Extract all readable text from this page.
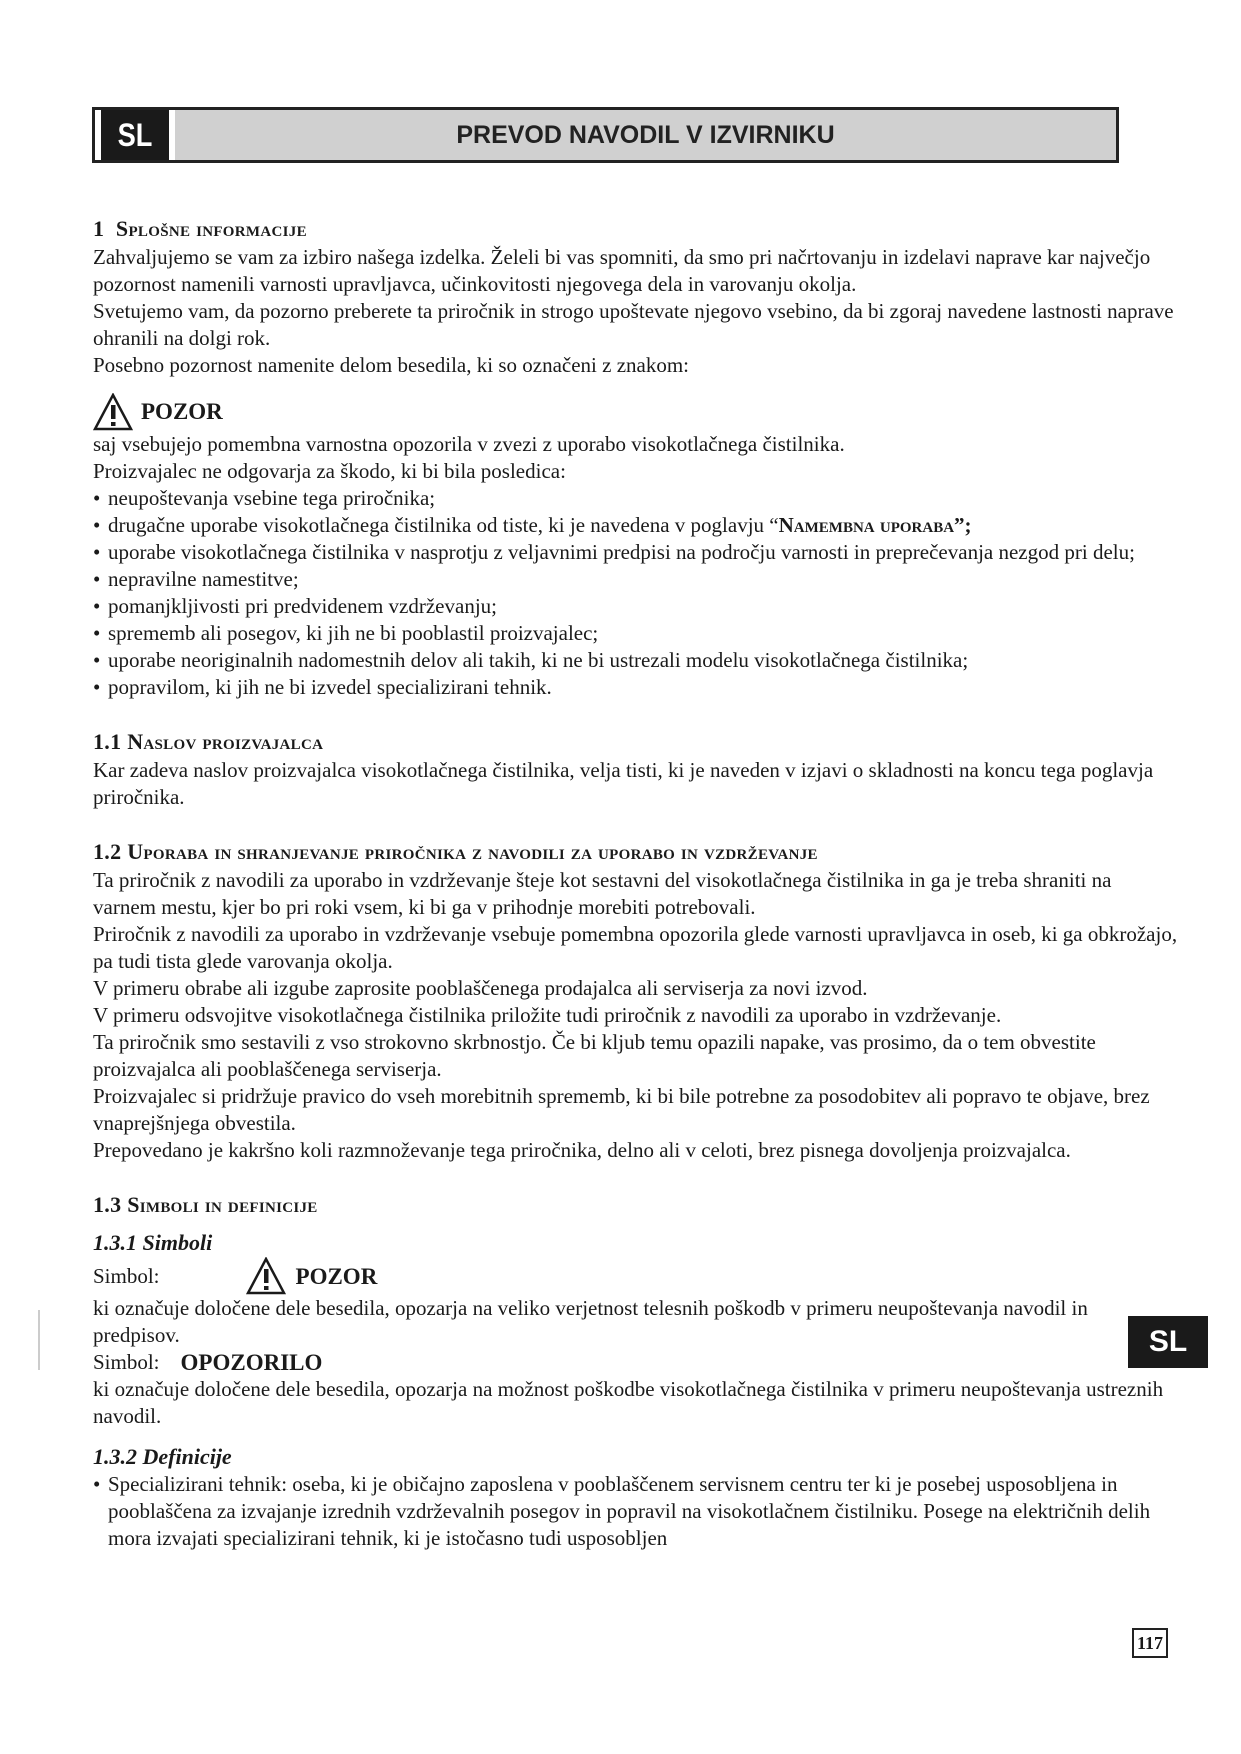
SL	PREVOD NAVODIL V IZVIRNIKU
1 Splošne informacije

Zahvaljujemo se vam za izbiro našega izdelka. Želeli bi vas spomniti, da smo pri načrtovanju in izdelavi naprave kar največjo pozornost namenili varnosti upravljavca, učinkovitosti njegovega dela in varovanju okolja.

Svetujemo vam, da pozorno preberete ta priročnik in strogo upoštevate njegovo vsebino, da bi zgoraj navedene lastnosti naprave ohranili na dolgi rok.

Posebno pozornost namenite delom besedila, ki so označeni z znakom:

POZOR

saj vsebujejo pomembna varnostna opozorila v zvezi z uporabo visokotlačnega čistilnika.

Proizvajalec ne odgovarja za škodo, ki bi bila posledica:

• neupoštevanja vsebine tega priročnika;
• drugačne uporabe visokotlačnega čistilnika od tiste, ki je navedena v poglavju “Namembna uporaba”;
• uporabe visokotlačnega čistilnika v nasprotju z veljavnimi predpisi na področju varnosti in preprečevanja nezgod pri delu;
• nepravilne namestitve;
• pomanjkljivosti pri predvidenem vzdrževanju;
• sprememb ali posegov, ki jih ne bi pooblastil proizvajalec;
• uporabe neoriginalnih nadomestnih delov ali takih, ki ne bi ustrezali modelu visokotlačnega čistilnika;
• popravilom, ki jih ne bi izvedel specializirani tehnik.
1.1 Naslov proizvajalca

Kar zadeva naslov proizvajalca visokotlačnega čistilnika, velja tisti, ki je naveden v izjavi o skladnosti na koncu tega poglavja priročnika.

1.2 Uporaba in shranjevanje priročnika z navodili za uporabo in vzdrževanje

Ta priročnik z navodili za uporabo in vzdrževanje šteje kot sestavni del visokotlačnega čistilnika in ga je treba shraniti na varnem mestu, kjer bo pri roki vsem, ki bi ga v prihodnje morebiti potrebovali.

Priročnik z navodili za uporabo in vzdrževanje vsebuje pomembna opozorila glede varnosti upravljavca in oseb, ki ga obkrožajo, pa tudi tista glede varovanja okolja.

V primeru obrabe ali izgube zaprosite pooblaščenega prodajalca ali serviserja za novi izvod.

V primeru odsvojitve visokotlačnega čistilnika priložite tudi priročnik z navodili za uporabo in vzdrževanje.

Ta priročnik smo sestavili z vso strokovno skrbnostjo. Če bi kljub temu opazili napake, vas prosimo, da o tem obvestite proizvajalca ali pooblaščenega serviserja.

Proizvajalec si pridržuje pravico do vseh morebitnih sprememb, ki bi bile potrebne za posodobitev ali popravo te objave, brez vnaprejšnjega obvestila.

Prepovedano je kakršno koli razmnoževanje tega priročnika, delno ali v celoti, brez pisnega dovoljenja proizvajalca.

1.3 Simboli in definicije

1.3.1 Simboli

Simbol:	POZOR

ki označuje določene dele besedila, opozarja na veliko verjetnost telesnih poškodb v primeru neupoštevanja navodil in predpisov.

Simbol:
OPOZORILO

ki označuje določene dele besedila, opozarja na možnost poškodbe visokotlačnega čistilnika v primeru neupoštevanja ustreznih navodil.

1.3.2 Definicije

• Specializirani tehnik: oseba, ki je običajno zaposlena v pooblaščenem servisnem centru ter ki je posebej usposobljena in pooblaščena za izvajanje izrednih vzdrževalnih posegov in popravil na visokotlačnem čistilniku. Posege na električnih delih mora izvajati specializirani tehnik, ki je istočasno tudi usposobljen
SL
117
